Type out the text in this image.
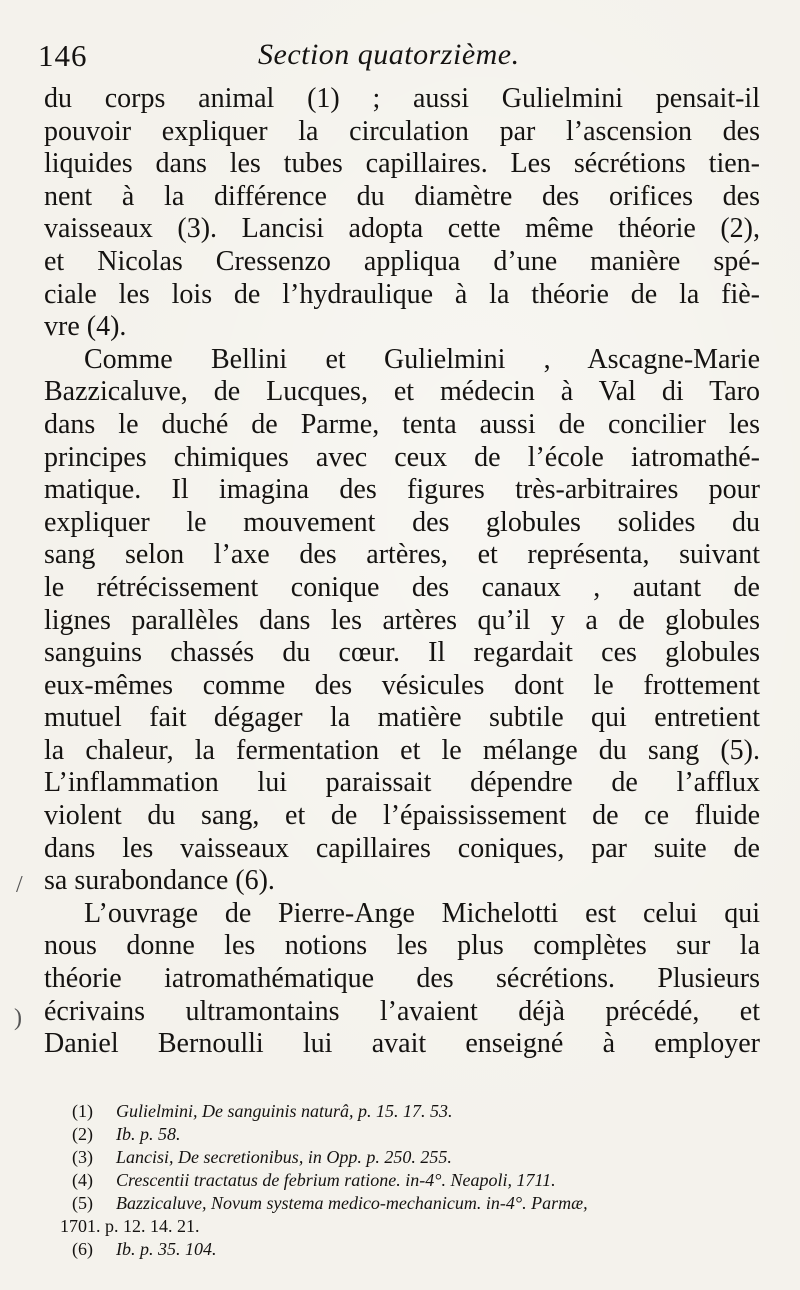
146	Section quatorzième.
du corps animal (1) ; aussi Gulielmini pensait-il
pouvoir expliquer la circulation par l’ascension des
liquides dans les tubes capillaires. Les sécrétions tien-
nent à la différence du diamètre des orifices des
vaisseaux (3). Lancisi adopta cette même théorie (2),
et Nicolas Cressenzo appliqua d’une manière spé-
ciale les lois de l’hydraulique à la théorie de la fiè-
vre (4).
Comme Bellini et Gulielmini , Ascagne-Marie
Bazzicaluve, de Lucques, et médecin à Val di Taro
dans le duché de Parme, tenta aussi de concilier les
principes chimiques avec ceux de l’école iatromathé-
matique. Il imagina des figures très-arbitraires pour
expliquer le mouvement des globules solides du
sang selon l’axe des artères, et représenta, suivant
le rétrécissement conique des canaux , autant de
lignes parallèles dans les artères qu’il y a de globules
sanguins chassés du cœur. Il regardait ces globules
eux-mêmes comme des vésicules dont le frottement
mutuel fait dégager la matière subtile qui entretient
la chaleur, la fermentation et le mélange du sang (5).
L’inflammation lui paraissait dépendre de l’afflux
violent du sang, et de l’épaississement de ce fluide
dans les vaisseaux capillaires coniques, par suite de
sa surabondance (6).
L’ouvrage de Pierre-Ange Michelotti est celui qui
nous donne les notions les plus complètes sur la
théorie iatromathématique des sécrétions. Plusieurs
écrivains ultramontains l’avaient déjà précédé, et
Daniel Bernoulli lui avait enseigné à employer
(1) Gulielmini, De sanguinis naturâ, p. 15. 17. 53.
(2) Ib. p. 58.
(3) Lancisi, De secretionibus, in Opp. p. 250. 255.
(4) Crescentii tractatus de febrium ratione. in-4°. Neapoli, 1711.
(5) Bazzicaluve, Novum systema medico-mechanicum. in-4°. Parmæ,
1701. p. 12. 14. 21.
(6) Ib. p. 35. 104.
/
)
